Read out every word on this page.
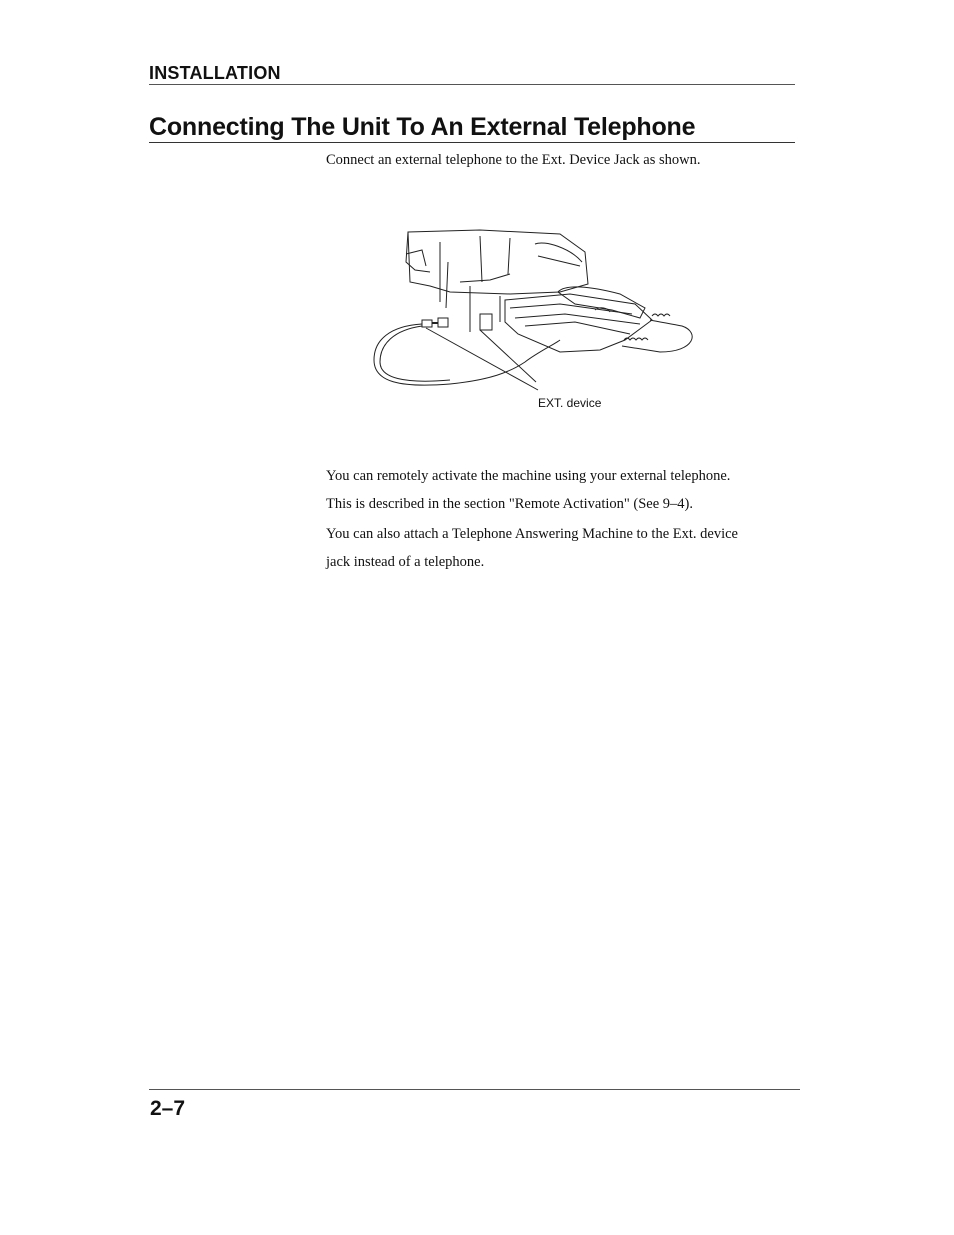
INSTALLATION
Connecting The Unit To An External Telephone
Connect an external telephone to the Ext. Device Jack as shown.
EXT. device
You can remotely activate the machine using your external telephone.
This is described in the section "Remote Activation" (See 9–4).
You can also attach a Telephone Answering Machine to the Ext. device
jack instead of a telephone.
2–7
